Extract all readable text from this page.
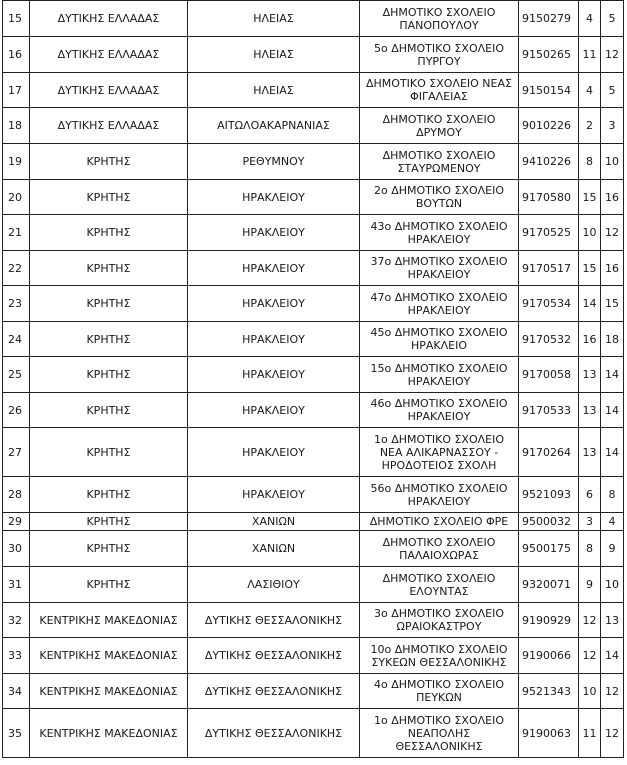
15	ΔΥΤΙΚΗΣ ΕΛΛΑΔΑΣ	ΗΛΕΙΑΣ	ΔΗΜΟΤΙΚΟ ΣΧΟΛΕΙΟ
ΠΑΝΟΠΟΥΛΟΥ	9150279	4	5
16	ΔΥΤΙΚΗΣ ΕΛΛΑΔΑΣ	ΗΛΕΙΑΣ	5ο ΔΗΜΟΤΙΚΟ ΣΧΟΛΕΙΟ
ΠΥΡΓΟΥ	9150265	11	12
17	ΔΥΤΙΚΗΣ ΕΛΛΑΔΑΣ	ΗΛΕΙΑΣ	ΔΗΜΟΤΙΚΟ ΣΧΟΛΕΙΟ ΝΕΑΣ
ΦΙΓΑΛΕΙΑΣ	9150154	4	5
18	ΔΥΤΙΚΗΣ ΕΛΛΑΔΑΣ	ΑΙΤΩΛΟΑΚΑΡΝΑΝΙΑΣ	ΔΗΜΟΤΙΚΟ ΣΧΟΛΕΙΟ
ΔΡΥΜΟΥ	9010226	2	3
19	ΚΡΗΤΗΣ	ΡΕΘΥΜΝΟΥ	ΔΗΜΟΤΙΚΟ ΣΧΟΛΕΙΟ
ΣΤΑΥΡΩΜΕΝΟΥ	9410226	8	10
20	ΚΡΗΤΗΣ	ΗΡΑΚΛΕΙΟΥ	2ο ΔΗΜΟΤΙΚΟ ΣΧΟΛΕΙΟ
ΒΟΥΤΩΝ	9170580	15	16
21	ΚΡΗΤΗΣ	ΗΡΑΚΛΕΙΟΥ	43ο ΔΗΜΟΤΙΚΟ ΣΧΟΛΕΙΟ
ΗΡΑΚΛΕΙΟΥ	9170525	10	12
22	ΚΡΗΤΗΣ	ΗΡΑΚΛΕΙΟΥ	37ο ΔΗΜΟΤΙΚΟ ΣΧΟΛΕΙΟ
ΗΡΑΚΛΕΙΟΥ	9170517	15	16
23	ΚΡΗΤΗΣ	ΗΡΑΚΛΕΙΟΥ	47ο ΔΗΜΟΤΙΚΟ ΣΧΟΛΕΙΟ
ΗΡΑΚΛΕΙΟΥ	9170534	14	15
24	ΚΡΗΤΗΣ	ΗΡΑΚΛΕΙΟΥ	45ο ΔΗΜΟΤΙΚΟ ΣΧΟΛΕΙΟ
ΗΡΑΚΛΕΙΟ	9170532	16	18
25	ΚΡΗΤΗΣ	ΗΡΑΚΛΕΙΟΥ	15ο ΔΗΜΟΤΙΚΟ ΣΧΟΛΕΙΟ
ΗΡΑΚΛΕΙΟΥ	9170058	13	14
26	ΚΡΗΤΗΣ	ΗΡΑΚΛΕΙΟΥ	46ο ΔΗΜΟΤΙΚΟ ΣΧΟΛΕΙΟ
ΗΡΑΚΛΕΙΟΥ	9170533	13	14
27	ΚΡΗΤΗΣ	ΗΡΑΚΛΕΙΟΥ	1ο ΔΗΜΟΤΙΚΟ ΣΧΟΛΕΙΟ
ΝΕΑ ΑΛΙΚΑΡΝΑΣΣΟΥ -
ΗΡΟΔΟΤΕΙΟΣ ΣΧΟΛΗ	9170264	13	14
28	ΚΡΗΤΗΣ	ΗΡΑΚΛΕΙΟΥ	56ο ΔΗΜΟΤΙΚΟ ΣΧΟΛΕΙΟ
ΗΡΑΚΛΕΙΟΥ	9521093	6	8
29	ΚΡΗΤΗΣ	ΧΑΝΙΩΝ	ΔΗΜΟΤΙΚΟ ΣΧΟΛΕΙΟ ΦΡΕ	9500032	3	4
30	ΚΡΗΤΗΣ	ΧΑΝΙΩΝ	ΔΗΜΟΤΙΚΟ ΣΧΟΛΕΙΟ
ΠΑΛΑΙΟΧΩΡΑΣ	9500175	8	9
31	ΚΡΗΤΗΣ	ΛΑΣΙΘΙΟΥ	ΔΗΜΟΤΙΚΟ ΣΧΟΛΕΙΟ
ΕΛΟΥΝΤΑΣ	9320071	9	10
32	ΚΕΝΤΡΙΚΗΣ ΜΑΚΕΔΟΝΙΑΣ	ΔΥΤΙΚΗΣ ΘΕΣΣΑΛΟΝΙΚΗΣ	3ο ΔΗΜΟΤΙΚΟ ΣΧΟΛΕΙΟ
ΩΡΑΙΟΚΑΣΤΡΟΥ	9190929	12	13
33	ΚΕΝΤΡΙΚΗΣ ΜΑΚΕΔΟΝΙΑΣ	ΔΥΤΙΚΗΣ ΘΕΣΣΑΛΟΝΙΚΗΣ	10ο ΔΗΜΟΤΙΚΟ ΣΧΟΛΕΙΟ
ΣΥΚΕΩΝ ΘΕΣΣΑΛΟΝΙΚΗΣ	9190066	12	14
34	ΚΕΝΤΡΙΚΗΣ ΜΑΚΕΔΟΝΙΑΣ	ΔΥΤΙΚΗΣ ΘΕΣΣΑΛΟΝΙΚΗΣ	4ο ΔΗΜΟΤΙΚΟ ΣΧΟΛΕΙΟ
ΠΕΥΚΩΝ	9521343	10	12
35	ΚΕΝΤΡΙΚΗΣ ΜΑΚΕΔΟΝΙΑΣ	ΔΥΤΙΚΗΣ ΘΕΣΣΑΛΟΝΙΚΗΣ	1ο ΔΗΜΟΤΙΚΟ ΣΧΟΛΕΙΟ
ΝΕΑΠΟΛΗΣ
ΘΕΣΣΑΛΟΝΙΚΗΣ	9190063	11	12
